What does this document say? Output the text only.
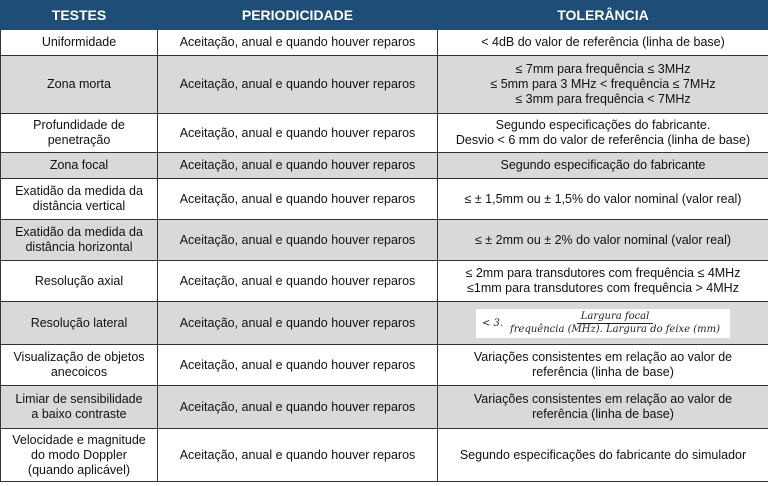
TESTES	PERIODICIDADE	TOLERÂNCIA

Uniformidade	Aceitação, anual e quando houver reparos	< 4dB do valor de referência (linha de base)

Zona morta	Aceitação, anual e quando houver reparos	≤ 7mm para frequência ≤ 3MHz
≤ 5mm para 3 MHz < frequência ≤ 7MHz
≤ 3mm para frequência < 7MHz

Profundidade de
penetração	Aceitação, anual e quando houver reparos	Segundo especificações do fabricante.
Desvio < 6 mm do valor de referência (linha de base)

Zona focal	Aceitação, anual e quando houver reparos	Segundo especificação do fabricante

Exatidão da medida da
distância vertical	Aceitação, anual e quando houver reparos	≤ ± 1,5mm ou ± 1,5% do valor nominal (valor real)

Exatidão da medida da
distância horizontal	Aceitação, anual e quando houver reparos	≤ ± 2mm ou ± 2% do valor nominal (valor real)

Resolução axial	Aceitação, anual e quando houver reparos	≤ 2mm para transdutores com frequência ≤ 4MHz
≤1mm para transdutores com frequência > 4MHz

Resolução lateral	Aceitação, anual e quando houver reparos	< 3. $\frac{\text{Largura focal}}{\text{frequência (MHz). Largura do feixe (mm)}}$

Visualização de objetos
anecoicos	Aceitação, anual e quando houver reparos	Variações consistentes em relação ao valor de
referência (linha de base)

Limiar de sensibilidade
a baixo contraste	Aceitação, anual e quando houver reparos	Variações consistentes em relação ao valor de
referência (linha de base)

Velocidade e magnitude
do modo Doppler
(quando aplicável)	Aceitação, anual e quando houver reparos	Segundo especificações do fabricante do simulador
